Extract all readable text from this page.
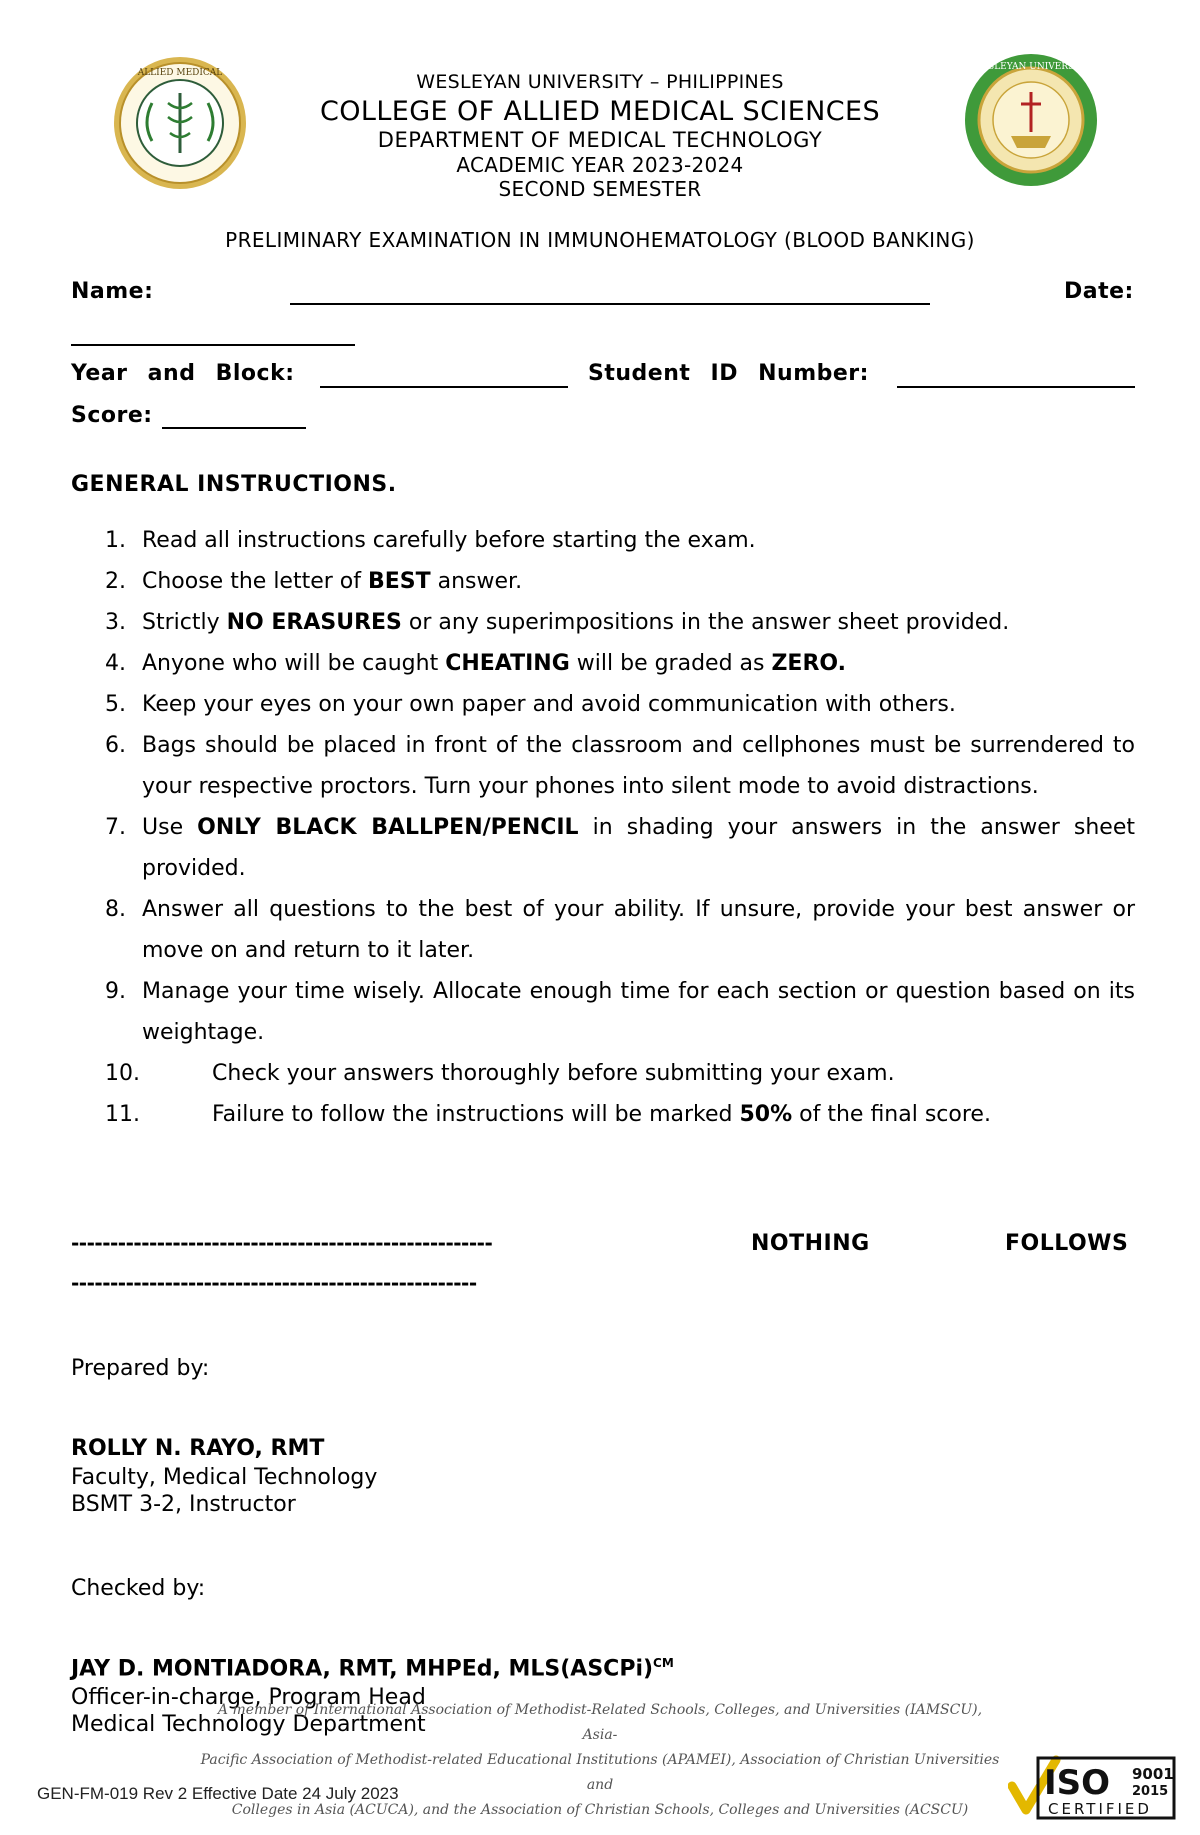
ALLIED MEDICAL
WESLEYAN UNIVERSITY
WESLEYAN UNIVERSITY – PHILIPPINES
COLLEGE OF ALLIED MEDICAL SCIENCES
DEPARTMENT OF MEDICAL TECHNOLOGY
ACADEMIC YEAR 2023-2024
SECOND SEMESTER
PRELIMINARY EXAMINATION IN IMMUNOHEMATOLOGY (BLOOD BANKING)
Name:	Date:
Year and Block:	Student ID Number:
Score:
GENERAL INSTRUCTIONS.
1. Read all instructions carefully before starting the exam.
2. Choose the letter of BEST answer.
3. Strictly NO ERASURES or any superimpositions in the answer sheet provided.
4. Anyone who will be caught CHEATING will be graded as ZERO.
5. Keep your eyes on your own paper and avoid communication with others.
6. Bags should be placed in front of the classroom and cellphones must be surrendered to your respective proctors. Turn your phones into silent mode to avoid distractions.
7. Use ONLY BLACK BALLPEN/PENCIL in shading your answers in the answer sheet provided.
8. Answer all questions to the best of your ability. If unsure, provide your best answer or move on and return to it later.
9. Manage your time wisely. Allocate enough time for each section or question based on its weightage.
10.	Check your answers thoroughly before submitting your exam.
11.	Failure to follow the instructions will be marked 50% of the final score.
------------------------------------------------------	NOTHING	FOLLOWS
----------------------------------------------------
Prepared by:
ROLLY N. RAYO, RMT
Faculty, Medical Technology
BSMT 3-2, Instructor
Checked by:
JAY D. MONTIADORA, RMT, MHPEd, MLS(ASCPi)$^{CM}$
Officer-in-charge, Program Head
Medical Technology Department
A member of International Association of Methodist-Related Schools, Colleges, and Universities (IAMSCU), Asia-
Pacific Association of Methodist-related Educational Institutions (APAMEI), Association of Christian Universities and
Colleges in Asia (ACUCA), and the Association of Christian Schools, Colleges and Universities (ACSCU)
GEN-FM-019 Rev 2 Effective Date 24 July 2023	ISO 9001
2015
CERTIFIED
